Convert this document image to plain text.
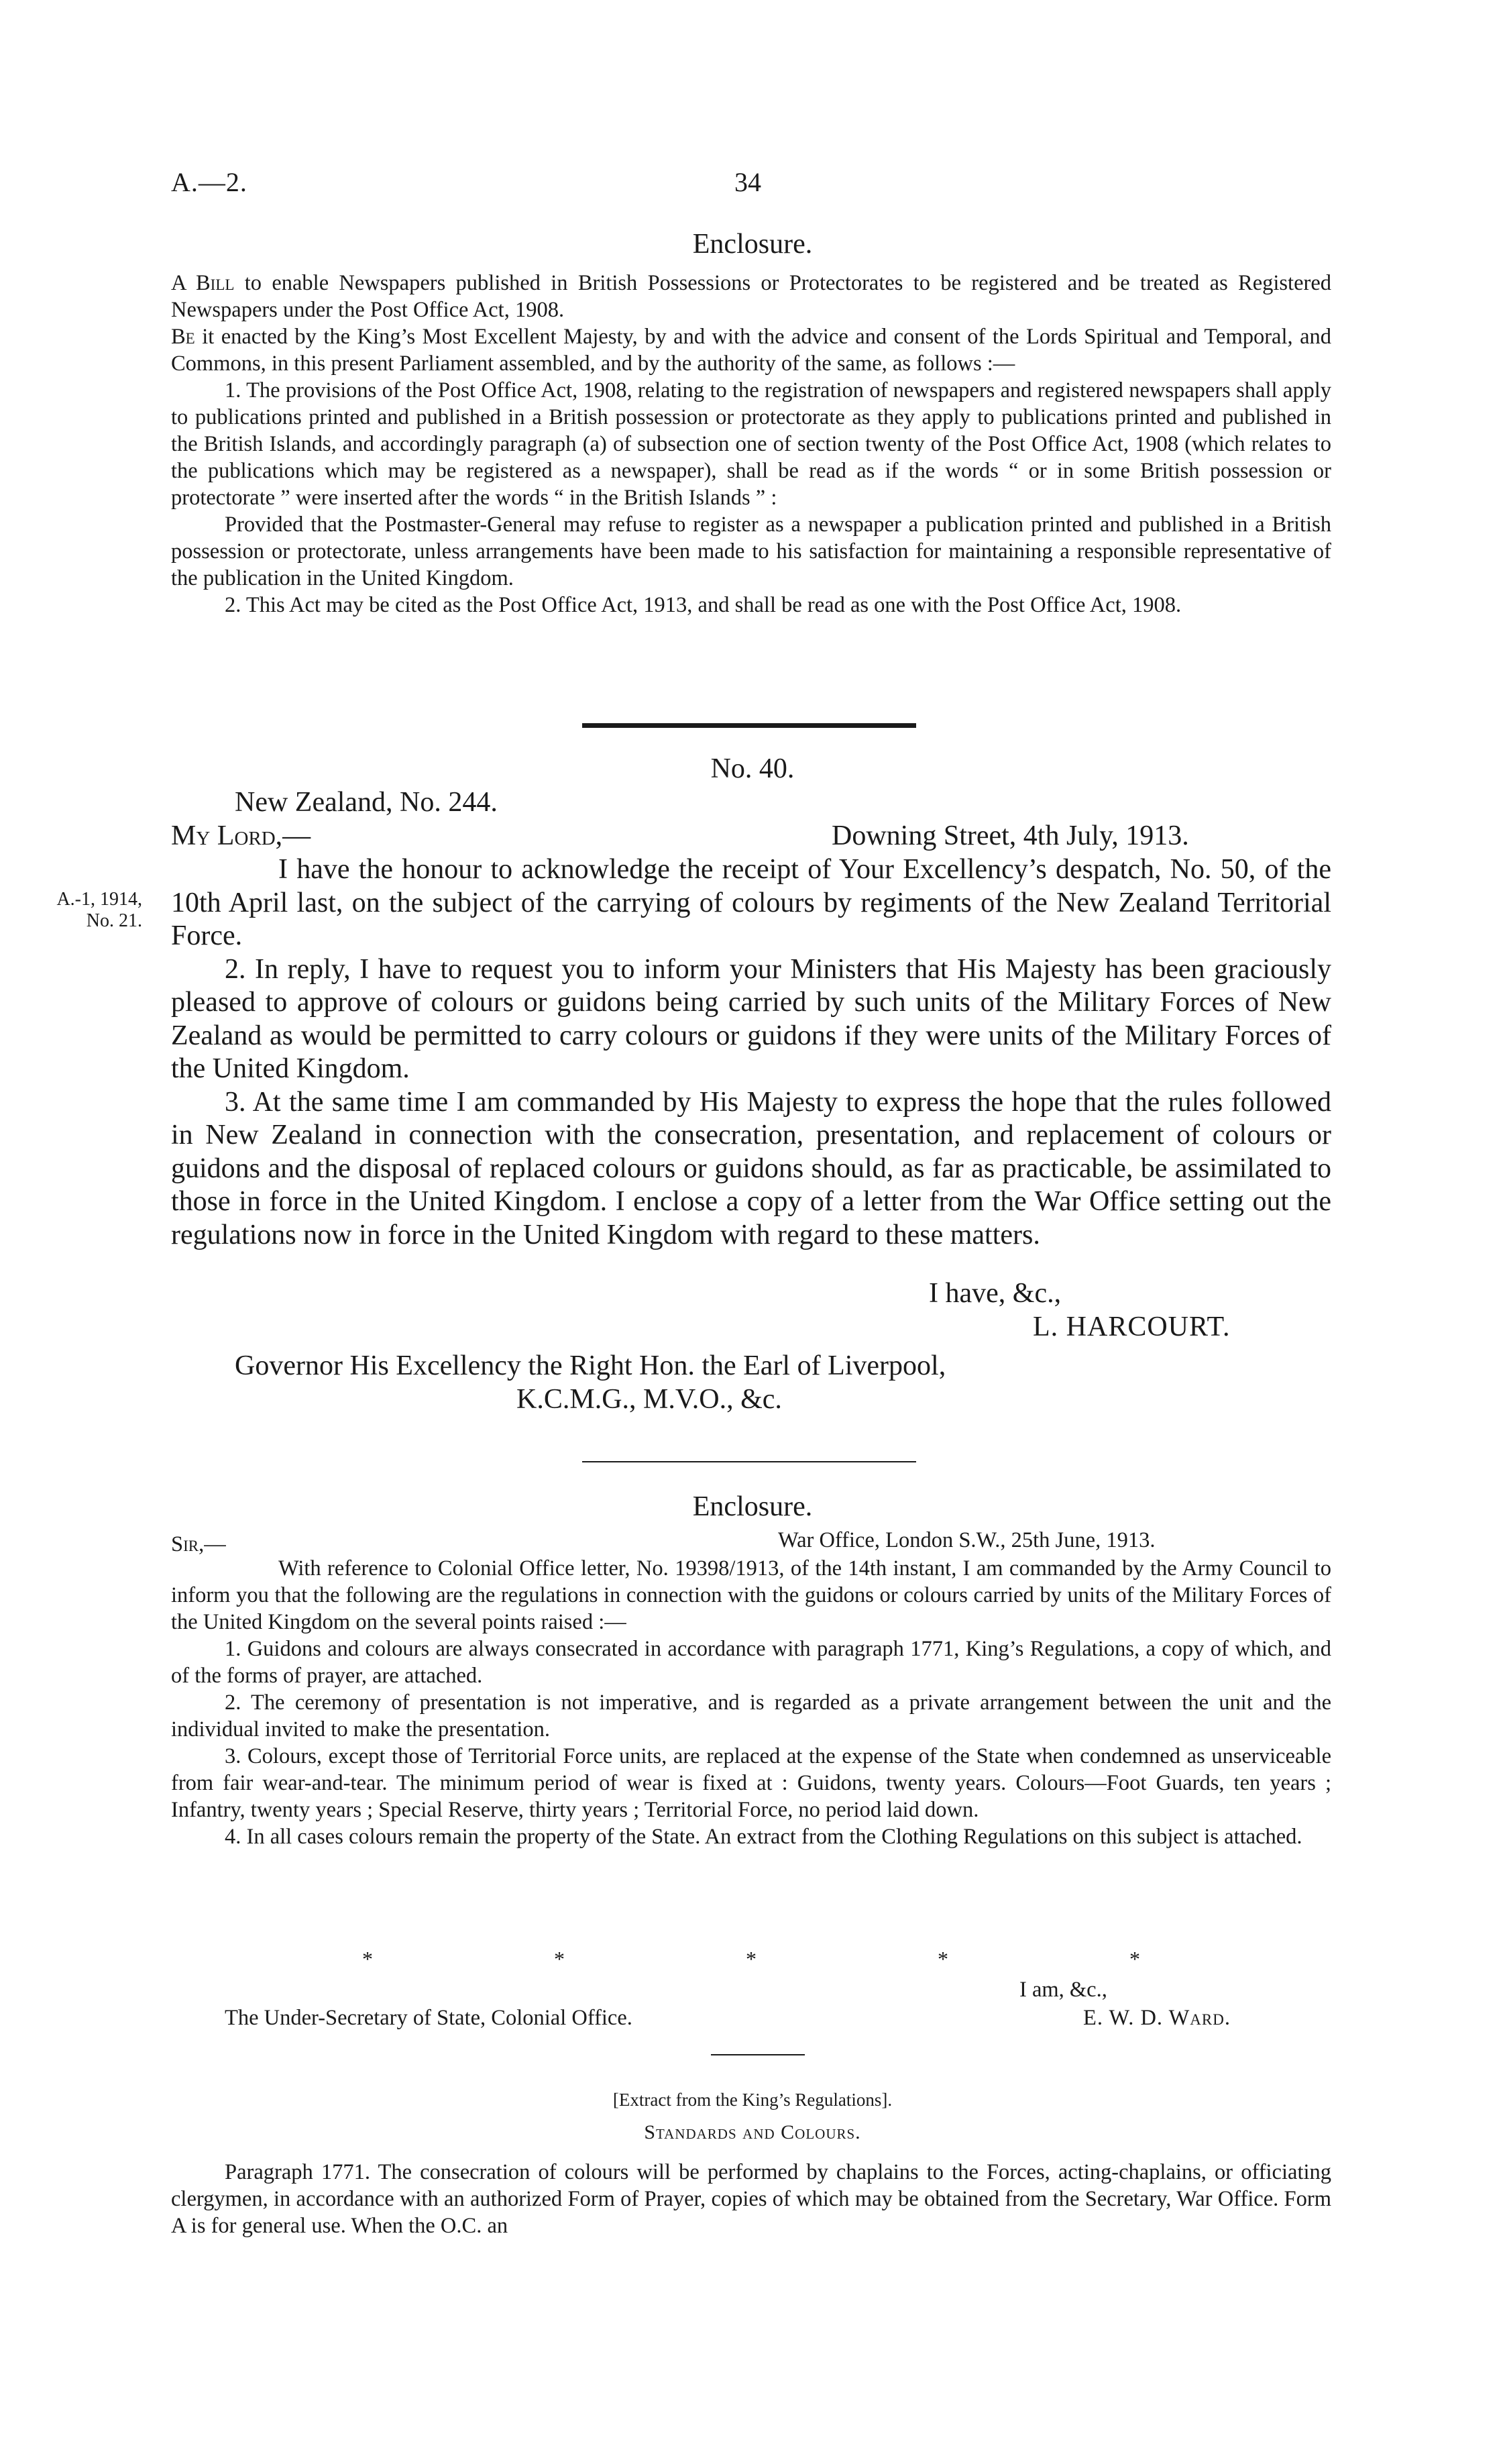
A.—2.	34
Enclosure.

A Bill to enable Newspapers published in British Possessions or Protectorates to be registered and be treated as Registered Newspapers under the Post Office Act, 1908.

Be it enacted by the King’s Most Excellent Majesty, by and with the advice and consent of the Lords Spiritual and Temporal, and Commons, in this present Parliament assembled, and by the authority of the same, as follows :—

1. The provisions of the Post Office Act, 1908, relating to the registration of newspapers and registered newspapers shall apply to publications printed and published in a British possession or protectorate as they apply to publications printed and published in the British Islands, and accordingly paragraph (a) of subsection one of section twenty of the Post Office Act, 1908 (which relates to the publications which may be registered as a newspaper), shall be read as if the words “ or in some British possession or protectorate ” were inserted after the words “ in the British Islands ” :

Provided that the Postmaster-General may refuse to register as a newspaper a publication printed and published in a British possession or protectorate, unless arrangements have been made to his satisfaction for maintaining a responsible representative of the publication in the United Kingdom.

2. This Act may be cited as the Post Office Act, 1913, and shall be read as one with the Post Office Act, 1908.

No. 40.
New Zealand, No. 244.
My Lord,—	Downing Street, 4th July, 1913.
A.-1, 1914,
No. 21.

I have the honour to acknowledge the receipt of Your Excellency’s despatch, No. 50, of the 10th April last, on the subject of the carrying of colours by regiments of the New Zealand Territorial Force.

2. In reply, I have to request you to inform your Ministers that His Majesty has been graciously pleased to approve of colours or guidons being carried by such units of the Military Forces of New Zealand as would be permitted to carry colours or guidons if they were units of the Military Forces of the United Kingdom.

3. At the same time I am commanded by His Majesty to express the hope that the rules followed in New Zealand in connection with the consecration, presentation, and replacement of colours or guidons and the disposal of replaced colours or guidons should, as far as practicable, be assimilated to those in force in the United Kingdom. I enclose a copy of a letter from the War Office setting out the regulations now in force in the United Kingdom with regard to these matters.

I have, &c.,
L. HARCOURT.
Governor His Excellency the Right Hon. the Earl of Liverpool,
K.C.M.G., M.V.O., &c.
Enclosure.
Sir,—	War Office, London S.W., 25th June, 1913.

With reference to Colonial Office letter, No. 19398/1913, of the 14th instant, I am commanded by the Army Council to inform you that the following are the regulations in connection with the guidons or colours carried by units of the Military Forces of the United Kingdom on the several points raised :—

1. Guidons and colours are always consecrated in accordance with paragraph 1771, King’s Regulations, a copy of which, and of the forms of prayer, are attached.

2. The ceremony of presentation is not imperative, and is regarded as a private arrangement between the unit and the individual invited to make the presentation.

3. Colours, except those of Territorial Force units, are replaced at the expense of the State when condemned as unserviceable from fair wear-and-tear. The minimum period of wear is fixed at : Guidons, twenty years. Colours—Foot Guards, ten years ; Infantry, twenty years ; Special Reserve, thirty years ; Territorial Force, no period laid down.

4. In all cases colours remain the property of the State. An extract from the Clothing Regulations on this subject is attached.

*	*	*	*	*
I am, &c.,
The Under-Secretary of State, Colonial Office.	E. W. D. Ward.
[Extract from the King’s Regulations].
Standards and Colours.

Paragraph 1771. The consecration of colours will be performed by chaplains to the Forces, acting-chaplains, or officiating clergymen, in accordance with an authorized Form of Prayer, copies of which may be obtained from the Secretary, War Office. Form A is for general use. When the O.C. an
